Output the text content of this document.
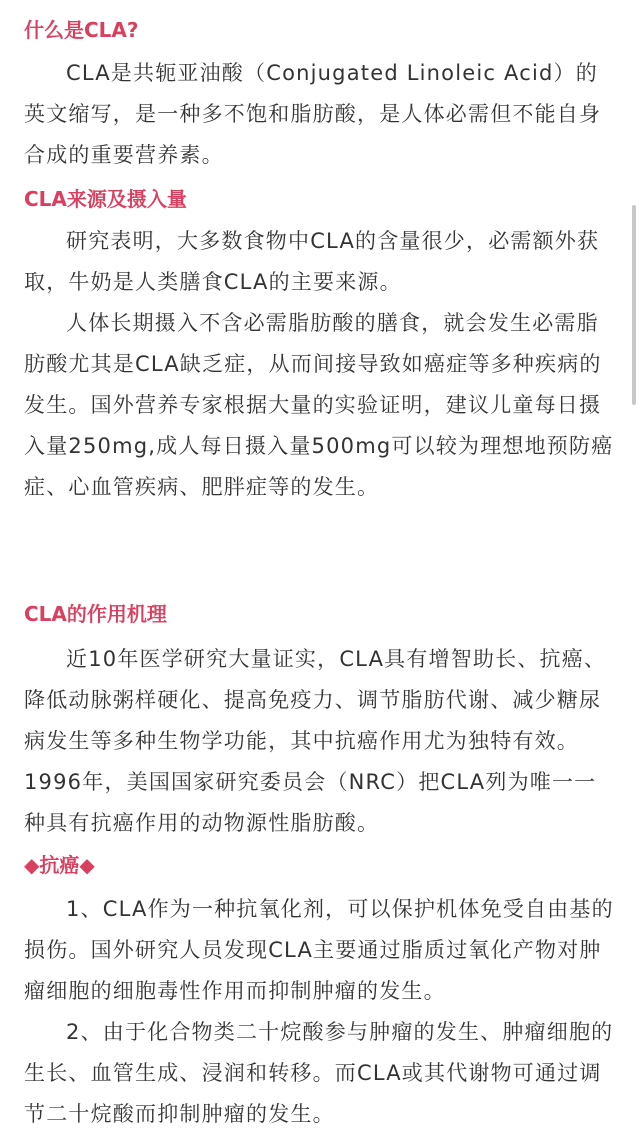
什么是CLA?

CLA是共轭亚油酸（Conjugated Linoleic Acid）的英文缩写，是一种多不饱和脂肪酸，是人体必需但不能自身合成的重要营养素。

CLA来源及摄入量

研究表明，大多数食物中CLA的含量很少，必需额外获取，牛奶是人类膳食CLA的主要来源。

人体长期摄入不含必需脂肪酸的膳食，就会发生必需脂肪酸尤其是CLA缺乏症，从而间接导致如癌症等多种疾病的发生。国外营养专家根据大量的实验证明，建议儿童每日摄入量250mg,成人每日摄入量500mg可以较为理想地预防癌症、心血管疾病、肥胖症等的发生。

CLA的作用机理

近10年医学研究大量证实，CLA具有增智助长、抗癌、降低动脉粥样硬化、提高免疫力、调节脂肪代谢、减少糖尿病发生等多种生物学功能，其中抗癌作用尤为独特有效。1996年，美国国家研究委员会（NRC）把CLA列为唯一一种具有抗癌作用的动物源性脂肪酸。

◆抗癌◆

1、CLA作为一种抗氧化剂，可以保护机体免受自由基的损伤。国外研究人员发现CLA主要通过脂质过氧化产物对肿瘤细胞的细胞毒性作用而抑制肿瘤的发生。

2、由于化合物类二十烷酸参与肿瘤的发生、肿瘤细胞的生长、血管生成、浸润和转移。而CLA或其代谢物可通过调节二十烷酸而抑制肿瘤的发生。
